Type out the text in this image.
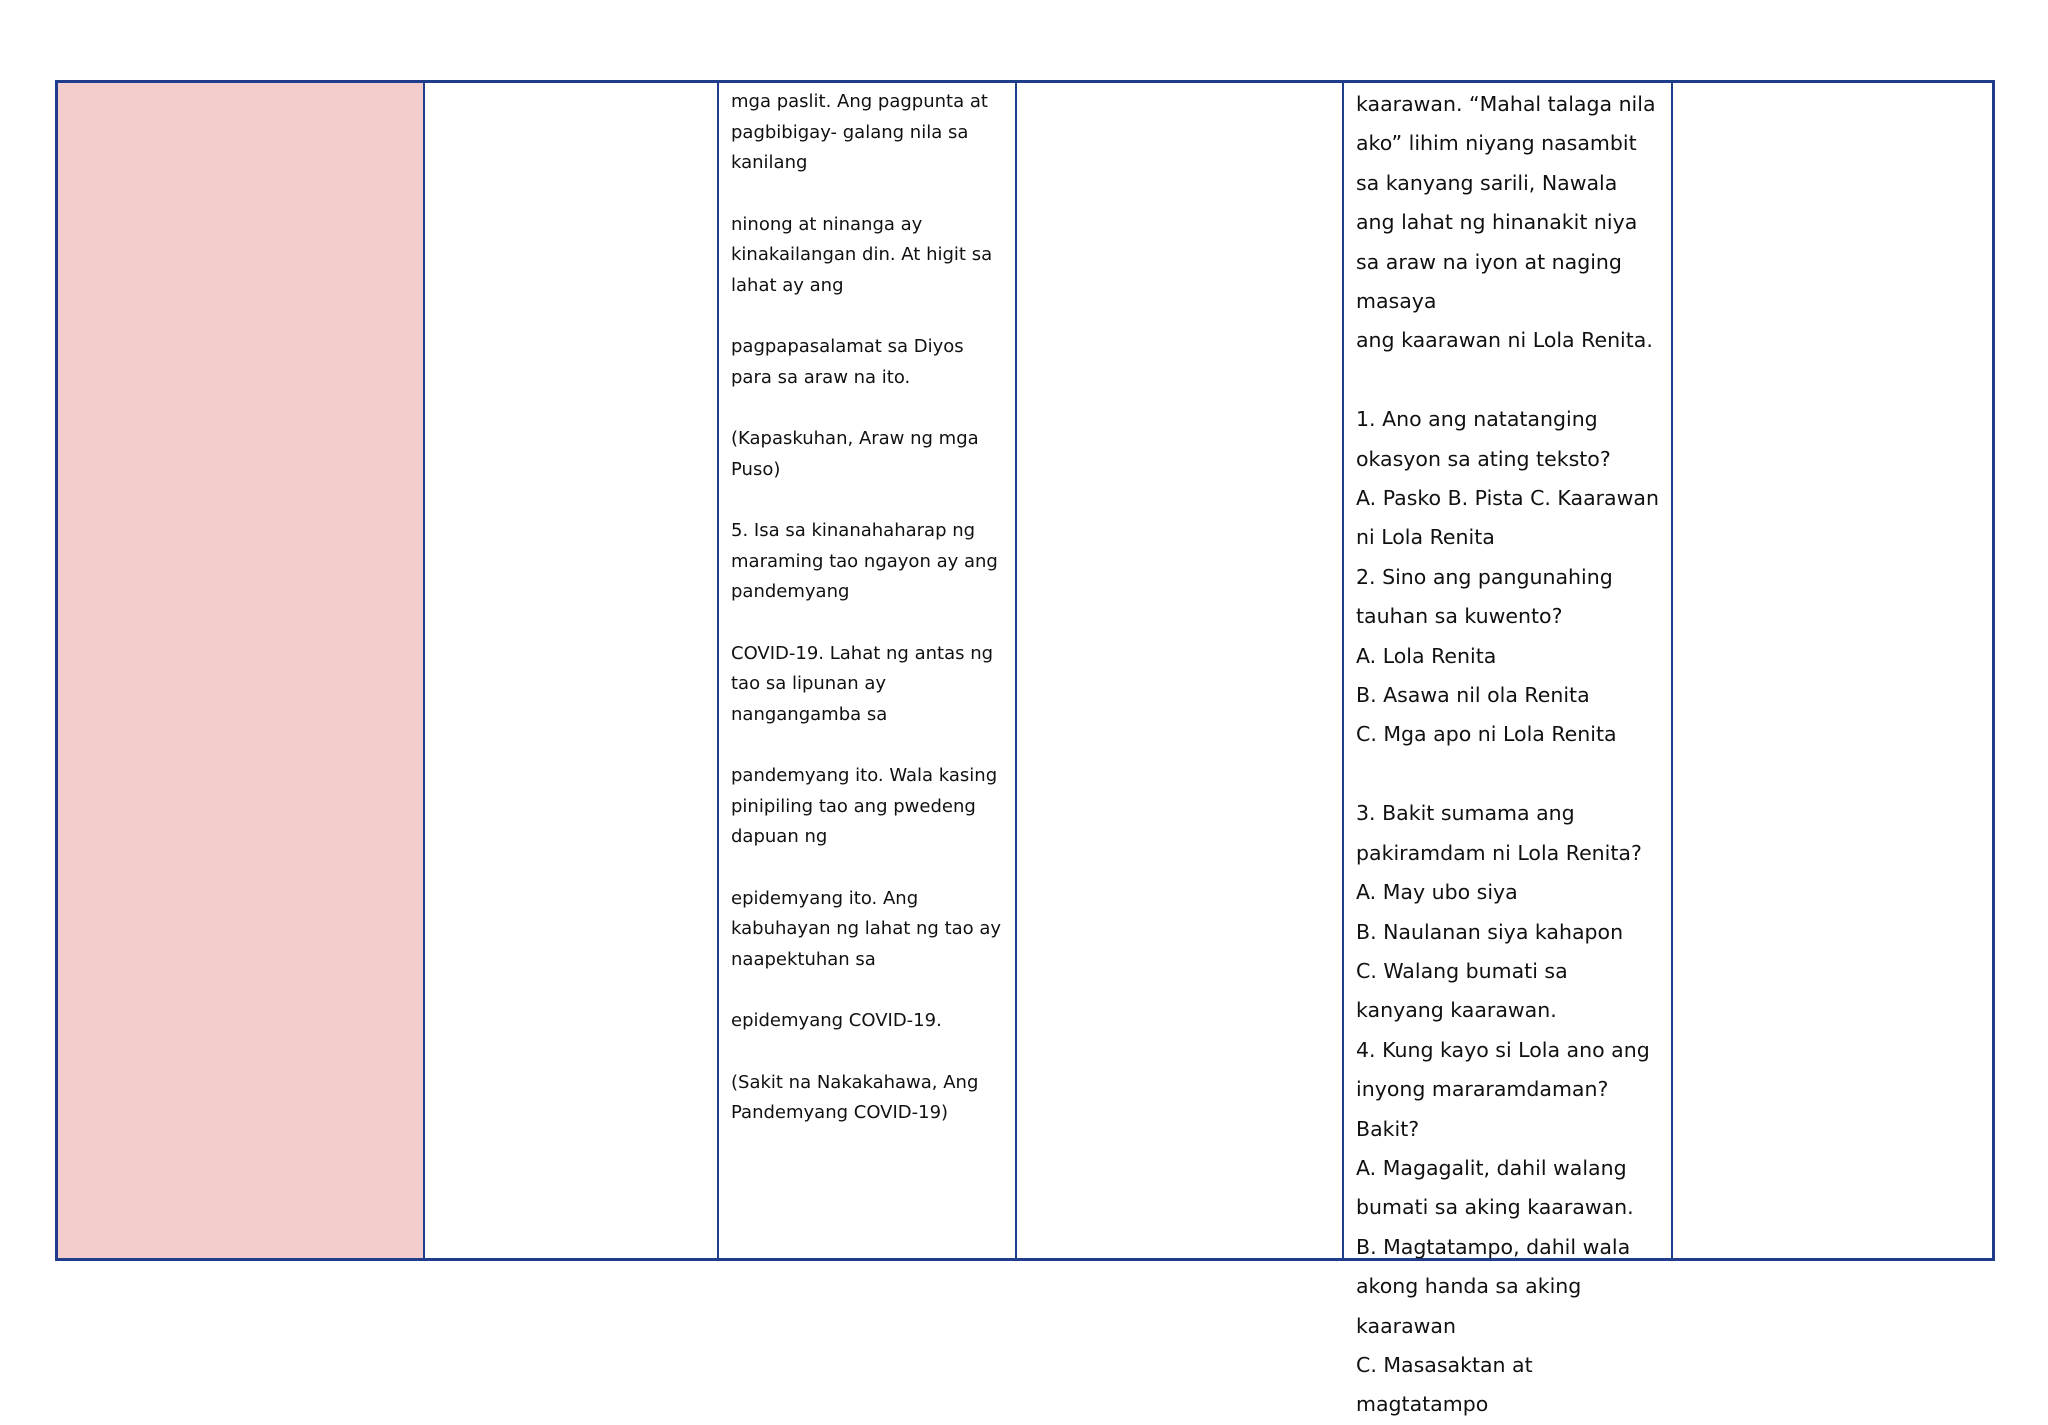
mga paslit. Ang pagpunta at pagbibigay- galang nila sa kanilang

ninong at ninanga ay kinakailangan din. At higit sa lahat ay ang

pagpapasalamat sa Diyos para sa araw na ito.

(Kapaskuhan, Araw ng mga Puso)

5. Isa sa kinanahaharap ng maraming tao ngayon ay ang pandemyang

COVID-19. Lahat ng antas ng tao sa lipunan ay nangangamba sa

pandemyang ito. Wala kasing pinipiling tao ang pwedeng dapuan ng

epidemyang ito. Ang kabuhayan ng lahat ng tao ay naapektuhan sa

epidemyang COVID-19.

(Sakit na Nakakahawa, Ang Pandemyang COVID-19)

kaarawan. “Mahal talaga nila ako” lihim niyang nasambit sa kanyang sarili, Nawala ang lahat ng hinanakit niya sa araw na iyon at naging masaya

ang kaarawan ni Lola Renita.

1. Ano ang natatanging okasyon sa ating teksto?

A. Pasko B. Pista C. Kaarawan ni Lola Renita

2. Sino ang pangunahing tauhan sa kuwento?

A. Lola Renita

B. Asawa nil ola Renita

C. Mga apo ni Lola Renita

3. Bakit sumama ang pakiramdam ni Lola Renita?

A. May ubo siya

B. Naulanan siya kahapon

C. Walang bumati sa kanyang kaarawan.

4. Kung kayo si Lola ano ang inyong mararamdaman? Bakit?

A. Magagalit, dahil walang bumati sa aking kaarawan.

B. Magtatampo, dahil wala akong handa sa aking kaarawan

C. Masasaktan at magtatampo
